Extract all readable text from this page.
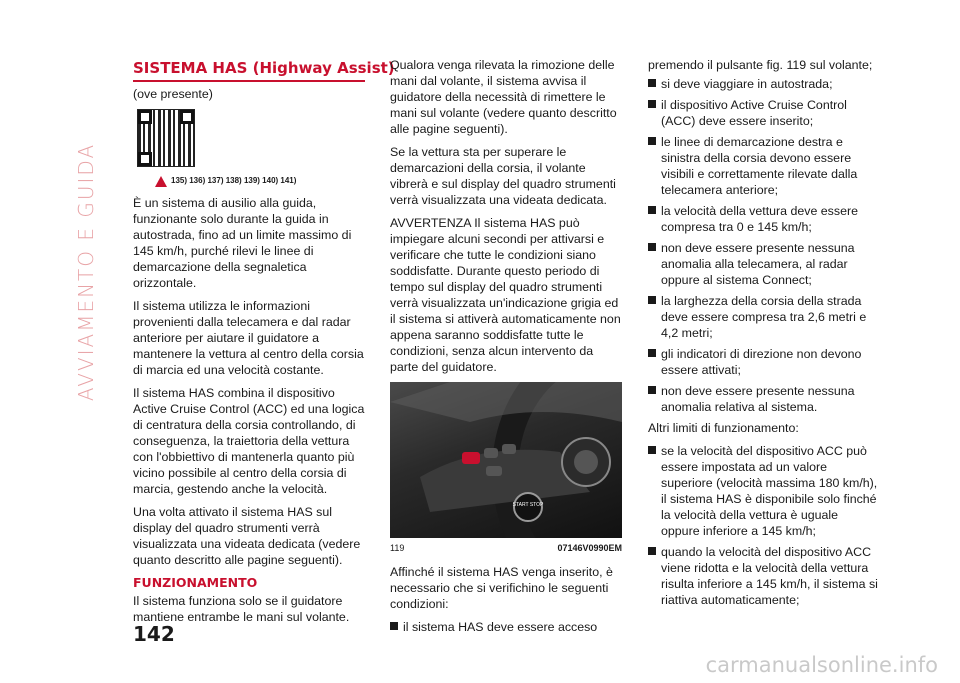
AVVIAMENTO E GUIDA
SISTEMA HAS (Highway Assist)

(ove presente)

135) 136) 137) 138) 139) 140) 141)

È un sistema di ausilio alla guida, funzionante solo durante la guida in autostrada, fino ad un limite massimo di 145 km/h, purché rilevi le linee di demarcazione della segnaletica orizzontale.

Il sistema utilizza le informazioni provenienti dalla telecamera e dal radar anteriore per aiutare il guidatore a mantenere la vettura al centro della corsia di marcia ed una velocità costante.

Il sistema HAS combina il dispositivo Active Cruise Control (ACC) ed una logica di centratura della corsia controllando, di conseguenza, la traiettoria della vettura con l'obbiettivo di mantenerla quanto più vicino possibile al centro della corsia di marcia, gestendo anche la velocità.

Una volta attivato il sistema HAS sul display del quadro strumenti verrà visualizzata una videata dedicata (vedere quanto descritto alle pagine seguenti).

FUNZIONAMENTO

Il sistema funziona solo se il guidatore mantiene entrambe le mani sul volante.

Qualora venga rilevata la rimozione delle mani dal volante, il sistema avvisa il guidatore della necessità di rimettere le mani sul volante (vedere quanto descritto alle pagine seguenti).

Se la vettura sta per superare le demarcazioni della corsia, il volante vibrerà e sul display del quadro strumenti verrà visualizzata una videata dedicata.

AVVERTENZA Il sistema HAS può impiegare alcuni secondi per attivarsi e verificare che tutte le condizioni siano soddisfatte. Durante questo periodo di tempo sul display del quadro strumenti verrà visualizzata un'indicazione grigia ed il sistema si attiverà automaticamente non appena saranno soddisfatte tutte le condizioni, senza alcun intervento da parte del guidatore.

START STOP
119	07146V0990EM

Affinché il sistema HAS venga inserito, è necessario che si verifichino le seguenti condizioni:

il sistema HAS deve essere acceso

premendo il pulsante fig. 119 sul volante;

si deve viaggiare in autostrada;
il dispositivo Active Cruise Control (ACC) deve essere inserito;
le linee di demarcazione destra e sinistra della corsia devono essere visibili e correttamente rilevate dalla telecamera anteriore;
la velocità della vettura deve essere compresa tra 0 e 145 km/h;
non deve essere presente nessuna anomalia alla telecamera, al radar oppure al sistema Connect;
la larghezza della corsia della strada deve essere compresa tra 2,6 metri e 4,2 metri;
gli indicatori di direzione non devono essere attivati;
non deve essere presente nessuna anomalia relativa al sistema.

Altri limiti di funzionamento:

se la velocità del dispositivo ACC può essere impostata ad un valore superiore (velocità massima 180 km/h), il sistema HAS è disponibile solo finché la velocità della vettura è uguale oppure inferiore a 145 km/h;
quando la velocità del dispositivo ACC viene ridotta e la velocità della vettura risulta inferiore a 145 km/h, il sistema si riattiva automaticamente;
142
carmanualsonline.info
